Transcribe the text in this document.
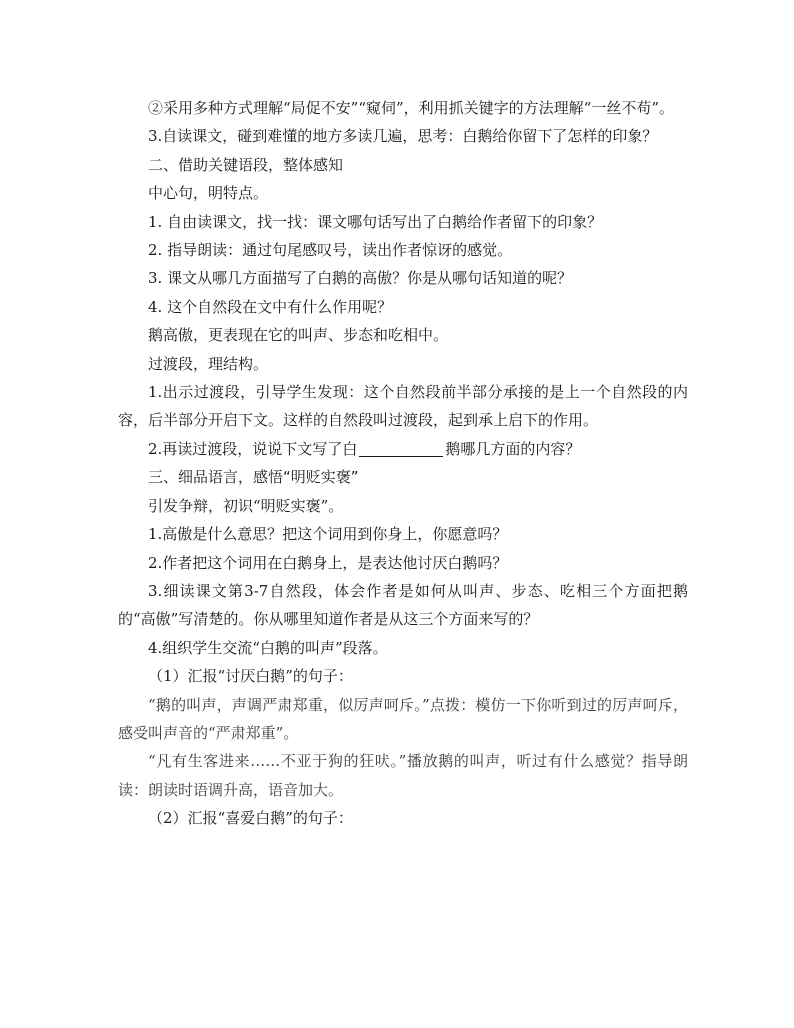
②采用多种方式理解“局促不安”“窥伺”，利用抓关键字的方法理解“一丝不苟”。

3.自读课文，碰到难懂的地方多读几遍，思考：白鹅给你留下了怎样的印象？

二、借助关键语段，整体感知

中心句，明特点。

1. 自由读课文，找一找：课文哪句话写出了白鹅给作者留下的印象？

2. 指导朗读：通过句尾感叹号，读出作者惊讶的感觉。

3. 课文从哪几方面描写了白鹅的高傲？你是从哪句话知道的呢？

4. 这个自然段在文中有什么作用呢？

鹅高傲，更表现在它的叫声、步态和吃相中。

过渡段，理结构。

1.出示过渡段，引导学生发现：这个自然段前半部分承接的是上一个自然段的内容，后半部分开启下文。这样的自然段叫过渡段，起到承上启下的作用。

2.再读过渡段，说说下文写了白	鹅哪几方面的内容？

三、细品语言，感悟“明贬实褒”

引发争辩，初识“明贬实褒”。

1.高傲是什么意思？把这个词用到你身上，你愿意吗？

2.作者把这个词用在白鹅身上，是表达他讨厌白鹅吗？

3.细读课文第3-7自然段，体会作者是如何从叫声、步态、吃相三个方面把鹅的“高傲”写清楚的。你从哪里知道作者是从这三个方面来写的？

4.组织学生交流“白鹅的叫声”段落。

（1）汇报“讨厌白鹅”的句子：

“鹅的叫声，声调严肃郑重，似厉声呵斥。”点拨：模仿一下你听到过的厉声呵斥，感受叫声音的“严肃郑重”。

“凡有生客进来……不亚于狗的狂吠。”播放鹅的叫声，听过有什么感觉？指导朗读：朗读时语调升高，语音加大。

（2）汇报“喜爱白鹅”的句子：
